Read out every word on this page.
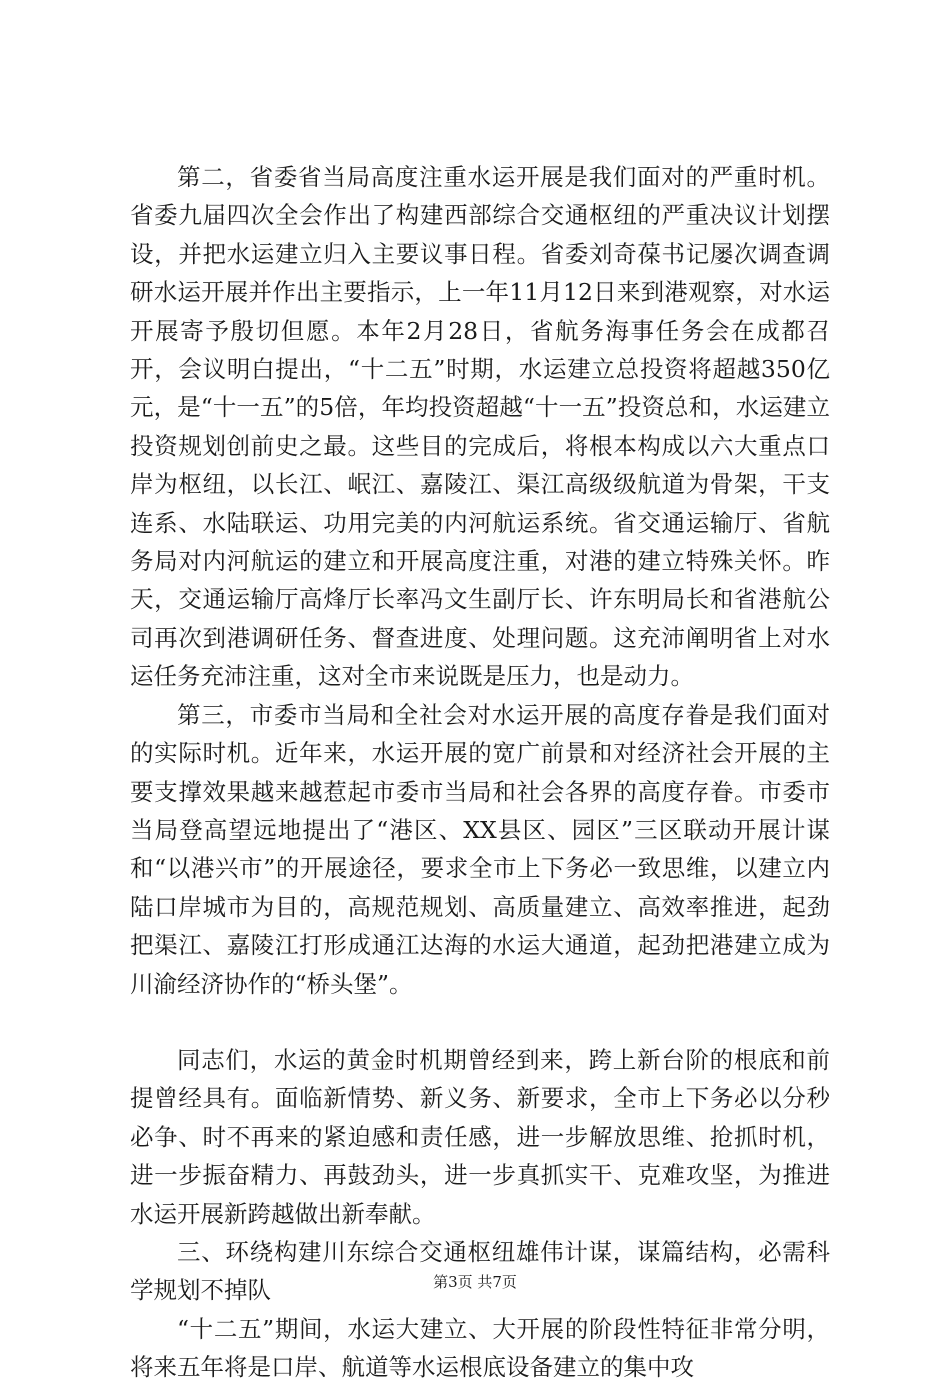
第二，省委省当局高度注重水运开展是我们面对的严重时机。省委九届四次全会作出了构建西部综合交通枢纽的严重决议计划摆设，并把水运建立归入主要议事日程。省委刘奇葆书记屡次调查调研水运开展并作出主要指示，上一年11月12日来到港观察，对水运开展寄予殷切但愿。本年2月28日，省航务海事任务会在成都召开，会议明白提出，“十二五”时期，水运建立总投资将超越350亿元，是“十一五”的5倍，年均投资超越“十一五”投资总和，水运建立投资规划创前史之最。这些目的完成后，将根本构成以六大重点口岸为枢纽，以长江、岷江、嘉陵江、渠江高级级航道为骨架，干支连系、水陆联运、功用完美的内河航运系统。省交通运输厅、省航务局对内河航运的建立和开展高度注重，对港的建立特殊关怀。昨天，交通运输厅高烽厅长率冯文生副厅长、许东明局长和省港航公司再次到港调研任务、督查进度、处理问题。这充沛阐明省上对水运任务充沛注重，这对全市来说既是压力，也是动力。

第三，市委市当局和全社会对水运开展的高度存眷是我们面对的实际时机。近年来，水运开展的宽广前景和对经济社会开展的主要支撑效果越来越惹起市委市当局和社会各界的高度存眷。市委市当局登高望远地提出了“港区、XX县区、园区”三区联动开展计谋和“以港兴市”的开展途径，要求全市上下务必一致思维，以建立内陆口岸城市为目的，高规范规划、高质量建立、高效率推进，起劲把渠江、嘉陵江打形成通江达海的水运大通道，起劲把港建立成为川渝经济协作的“桥头堡”。

同志们，水运的黄金时机期曾经到来，跨上新台阶的根底和前提曾经具有。面临新情势、新义务、新要求，全市上下务必以分秒必争、时不再来的紧迫感和责任感，进一步解放思维、抢抓时机，进一步振奋精力、再鼓劲头，进一步真抓实干、克难攻坚，为推进水运开展新跨越做出新奉献。

三、环绕构建川东综合交通枢纽雄伟计谋，谋篇结构，必需科学规划不掉队

“十二五”期间，水运大建立、大开展的阶段性特征非常分明，将来五年将是口岸、航道等水运根底设备建立的集中攻

第3页 共7页
